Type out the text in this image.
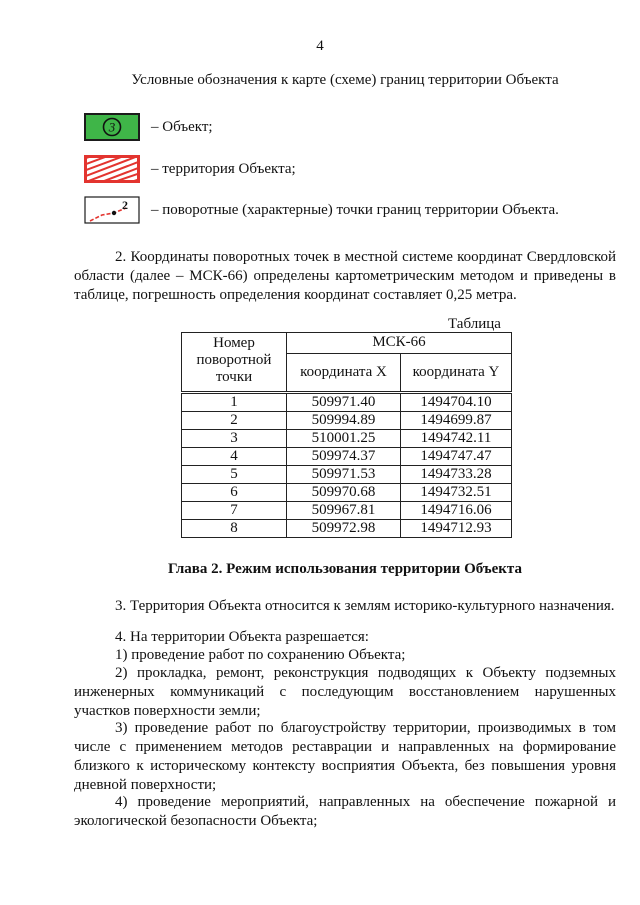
4
Условные обозначения к карте (схеме) границ территории Объекта
3 – Объект;
– территория Объекта;
2 – поворотные (характерные) точки границ территории Объекта.
2. Координаты поворотных точек в местной системе координат Свердловской области (далее – МСК-66) определены картометрическим методом и приведены в таблице, погрешность определения координат составляет 0,25 метра.
Таблица
Номер поворотной точки	МСК-66	
	координата X	координата Y
1	509971.40	1494704.10
2	509994.89	1494699.87
3	510001.25	1494742.11
4	509974.37	1494747.47
5	509971.53	1494733.28
6	509970.68	1494732.51
7	509967.81	1494716.06
8	509972.98	1494712.93
Глава 2. Режим использования территории Объекта
3. Территория Объекта относится к землям историко-культурного назначения.
4. На территории Объекта разрешается:
1) проведение работ по сохранению Объекта;
2) прокладка, ремонт, реконструкция подводящих к Объекту подземных инженерных коммуникаций с последующим восстановлением нарушенных участков поверхности земли;
3) проведение работ по благоустройству территории, производимых в том числе с применением методов реставрации и направленных на формирование близкого к историческому контексту восприятия Объекта, без повышения уровня дневной поверхности;
4) проведение мероприятий, направленных на обеспечение пожарной и экологической безопасности Объекта;
